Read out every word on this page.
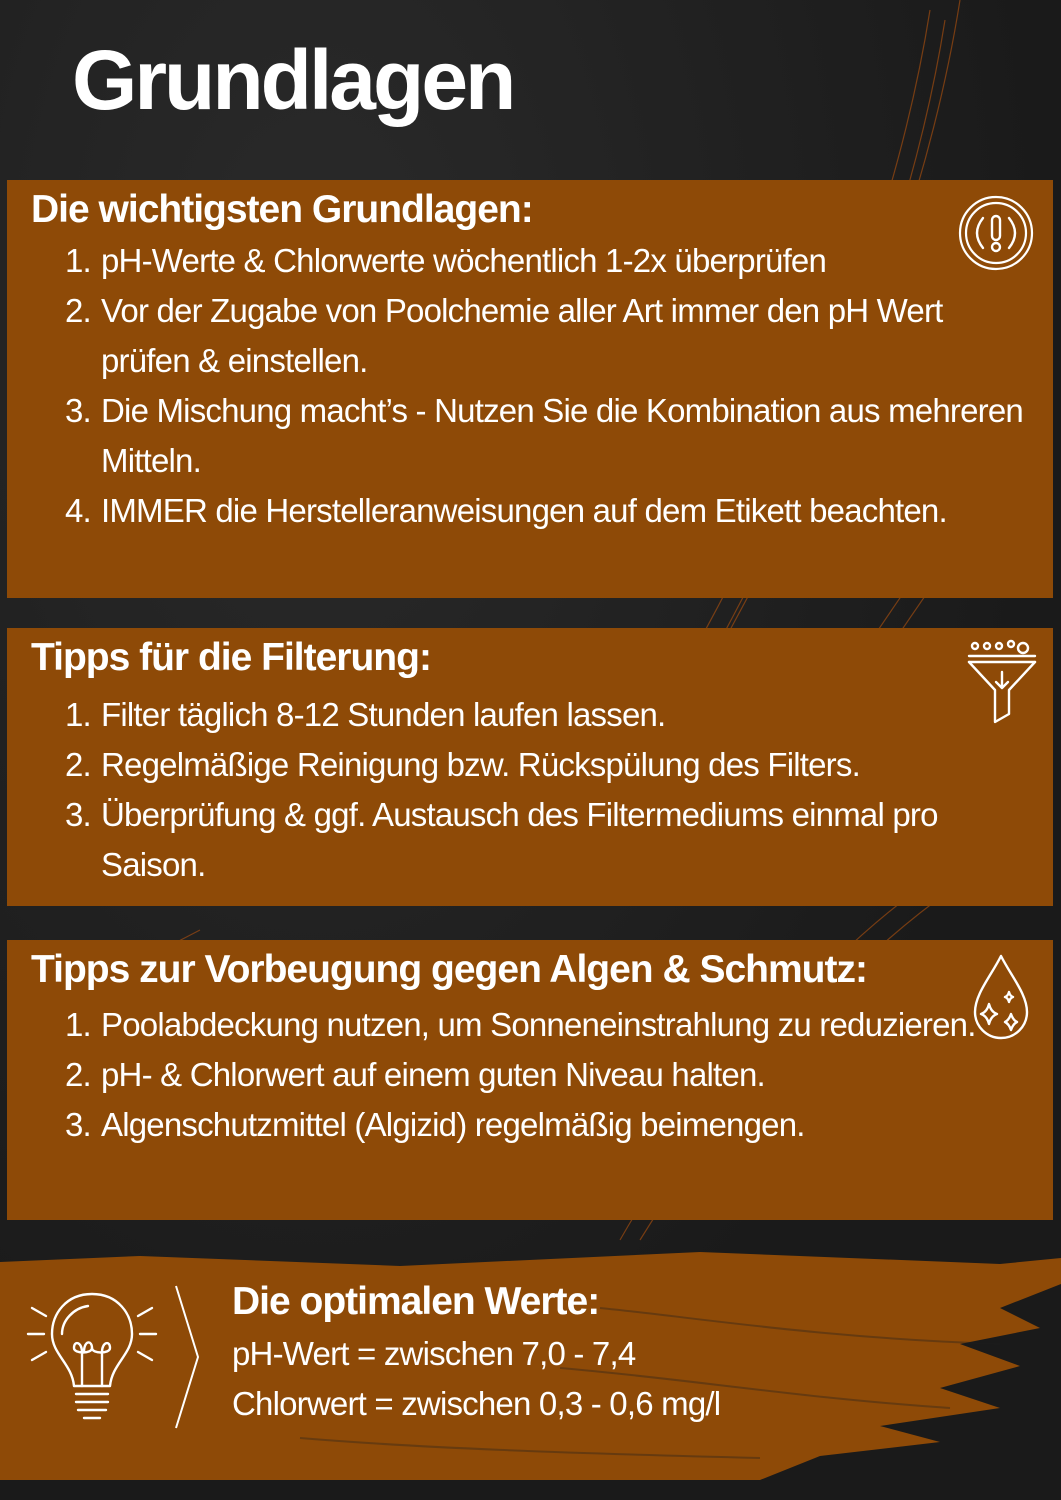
Grundlagen
Die wichtigsten Grundlagen:
1. pH-Werte & Chlorwerte wöchentlich 1-2x überprüfen
2. Vor der Zugabe von Poolchemie aller Art immer den pH Wert prüfen & einstellen.
3. Die Mischung macht’s - Nutzen Sie die Kombination aus mehreren Mitteln.
4. IMMER die Herstelleranweisungen auf dem Etikett beachten.
Tipps für die Filterung:
1. Filter täglich 8-12 Stunden laufen lassen.
2. Regelmäßige Reinigung bzw. Rückspülung des Filters.
3. Überprüfung & ggf. Austausch des Filtermediums einmal pro Saison.
Tipps zur Vorbeugung gegen Algen & Schmutz:
1. Poolabdeckung nutzen, um Sonneneinstrahlung zu reduzieren.
2. pH- & Chlorwert auf einem guten Niveau halten.
3. Algenschutzmittel (Algizid) regelmäßig beimengen.
Die optimalen Werte:
pH-Wert = zwischen 7,0 - 7,4
Chlorwert = zwischen 0,3 - 0,6 mg/l
